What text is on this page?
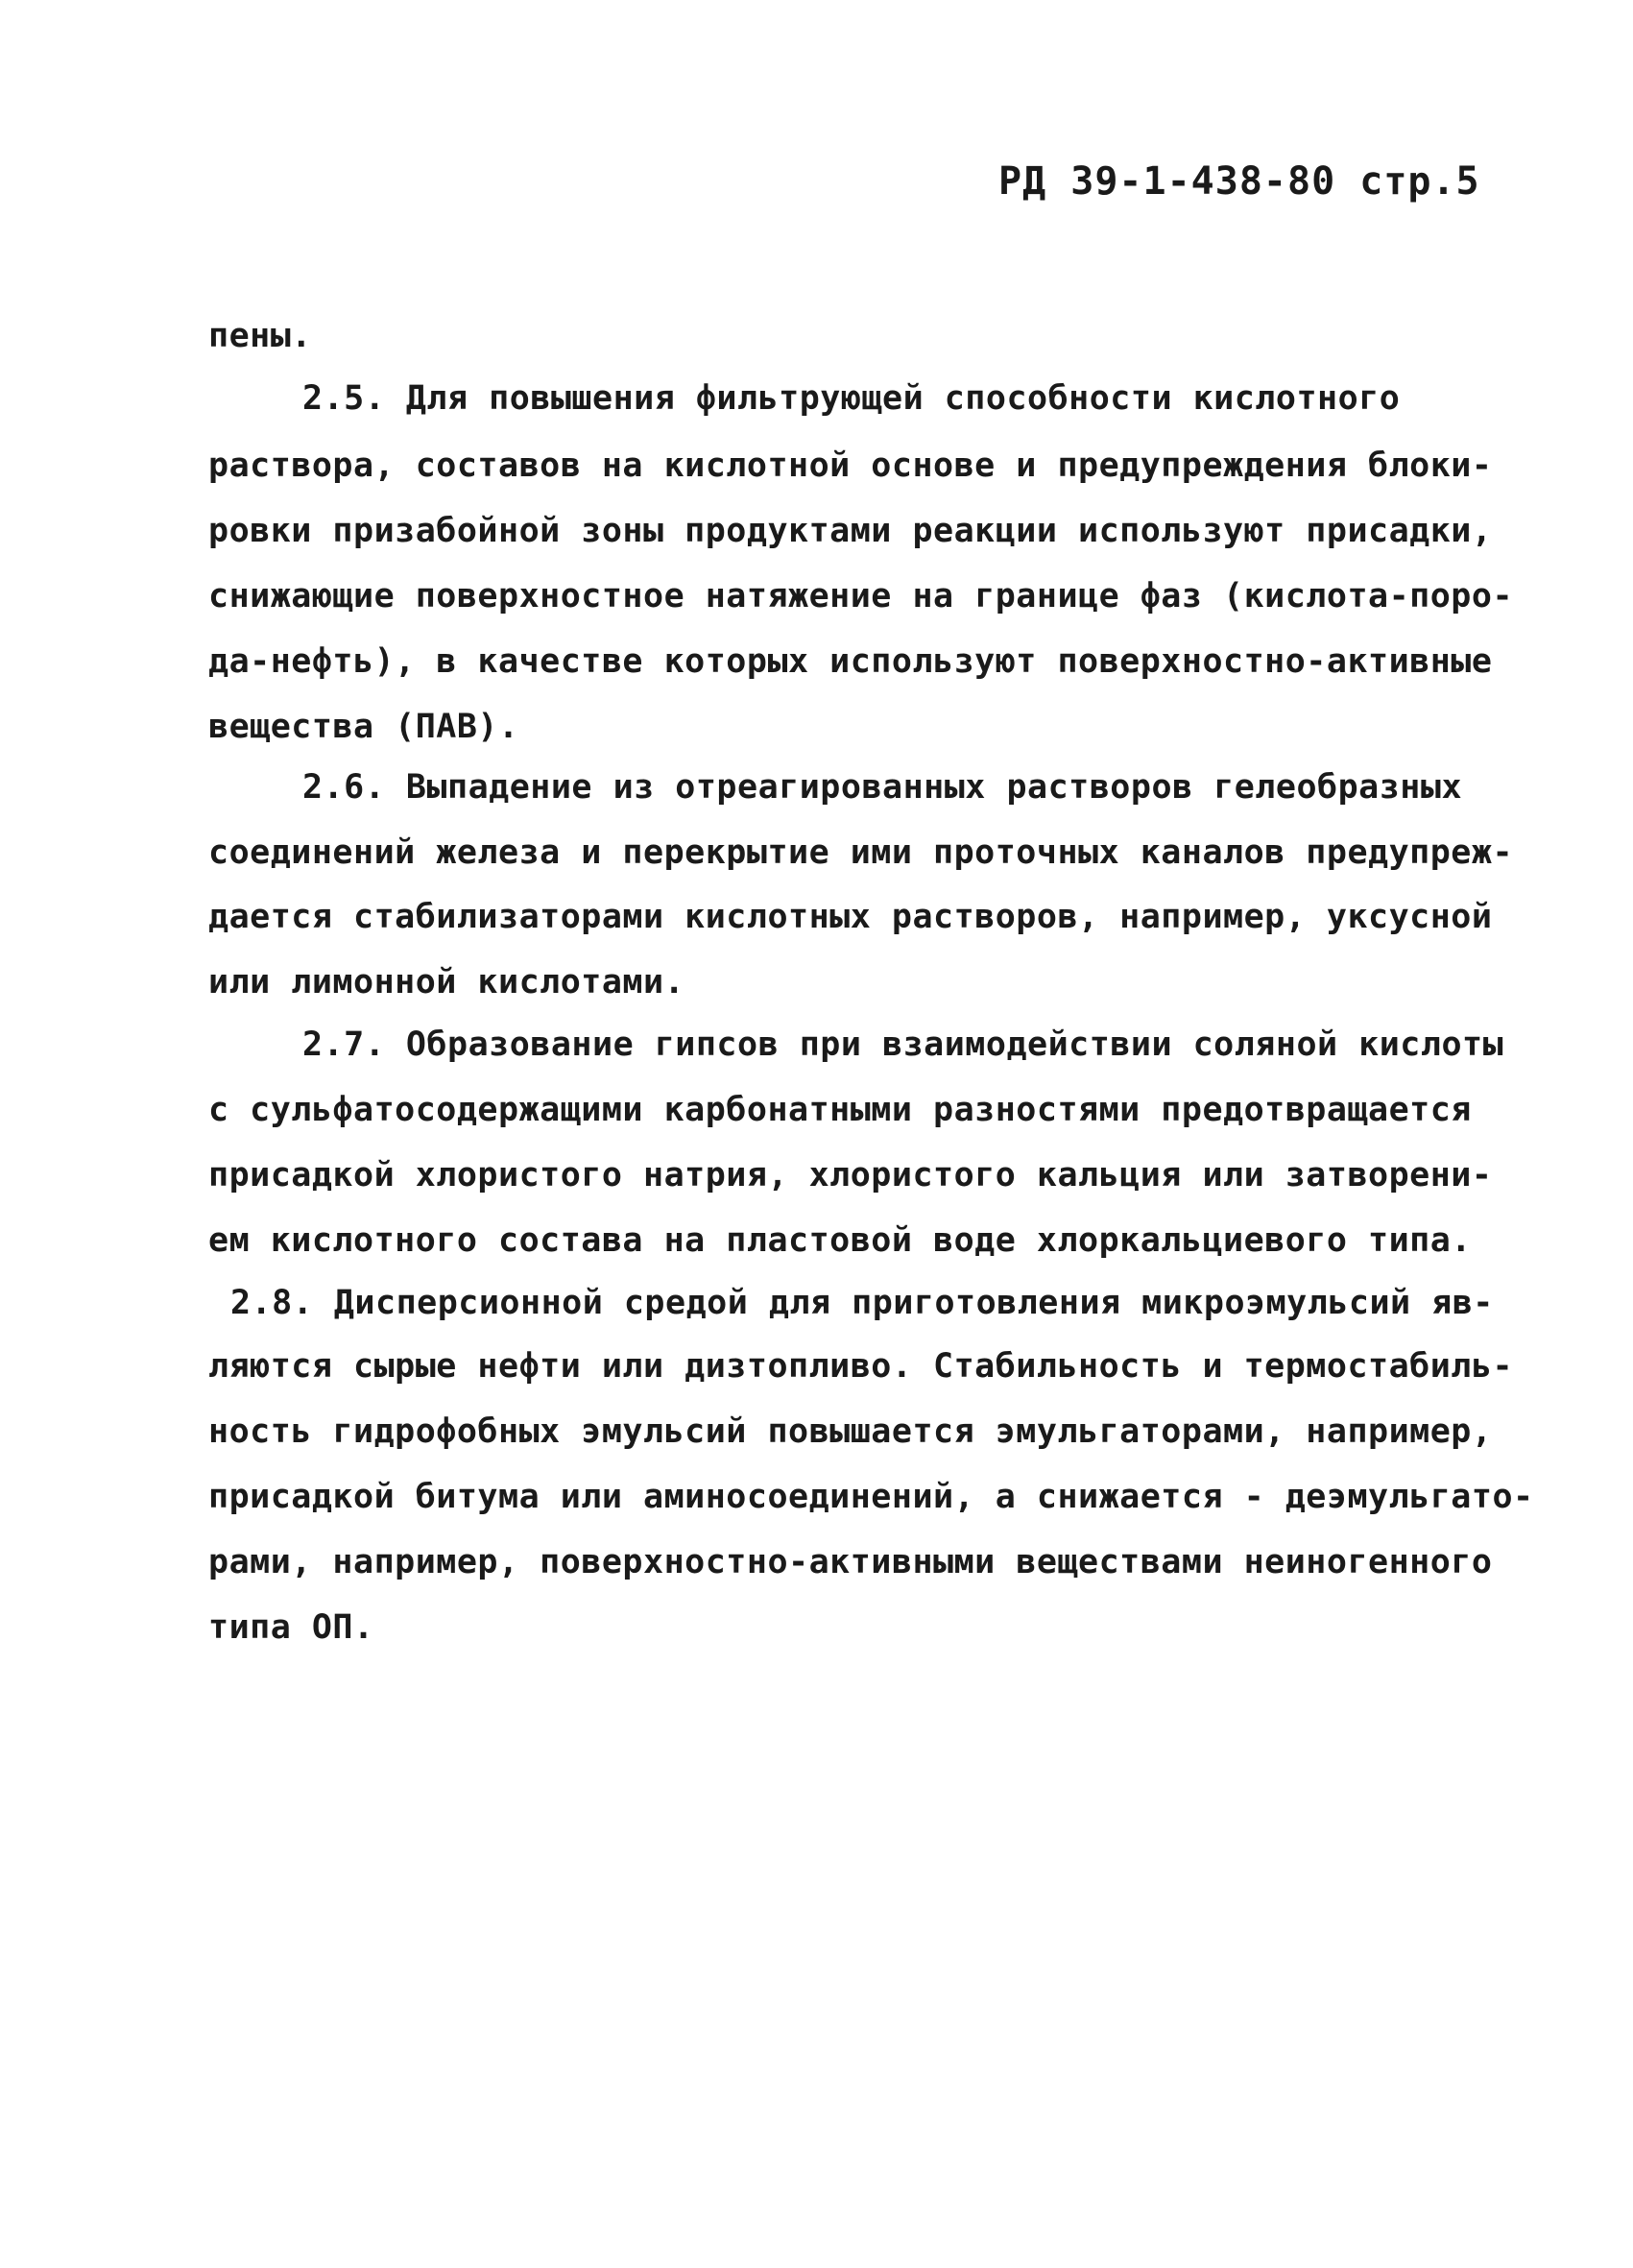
РД 39-1-438-80 стр.5
пены.
2.5. Для повышения фильтрующей способности кислотного
раствора, составов на кислотной основе и предупреждения блоки-
ровки призабойной зоны продуктами реакции используют присадки,
снижающие поверхностное натяжение на границе фаз (кислота-поро-
да-нефть), в качестве которых используют поверхностно-активные
вещества (ПАВ).
2.6. Выпадение из отреагированных растворов гелеобразных
соединений железа и перекрытие ими проточных каналов предупреж-
дается стабилизаторами кислотных растворов, например, уксусной
или лимонной кислотами.
2.7. Образование гипсов при взаимодействии соляной кислоты
с сульфатосодержащими карбонатными разностями предотвращается
присадкой хлористого натрия, хлористого кальция или затворени-
ем кислотного состава на пластовой воде хлоркальциевого типа.
2.8. Дисперсионной средой для приготовления микроэмульсий яв-
ляются сырые нефти или дизтопливо. Стабильность и термостабиль-
ность гидрофобных эмульсий повышается эмульгаторами, например,
присадкой битума или аминосоединений, а снижается - деэмульгато-
рами, например, поверхностно-активными веществами неиногенного
типа ОП.
